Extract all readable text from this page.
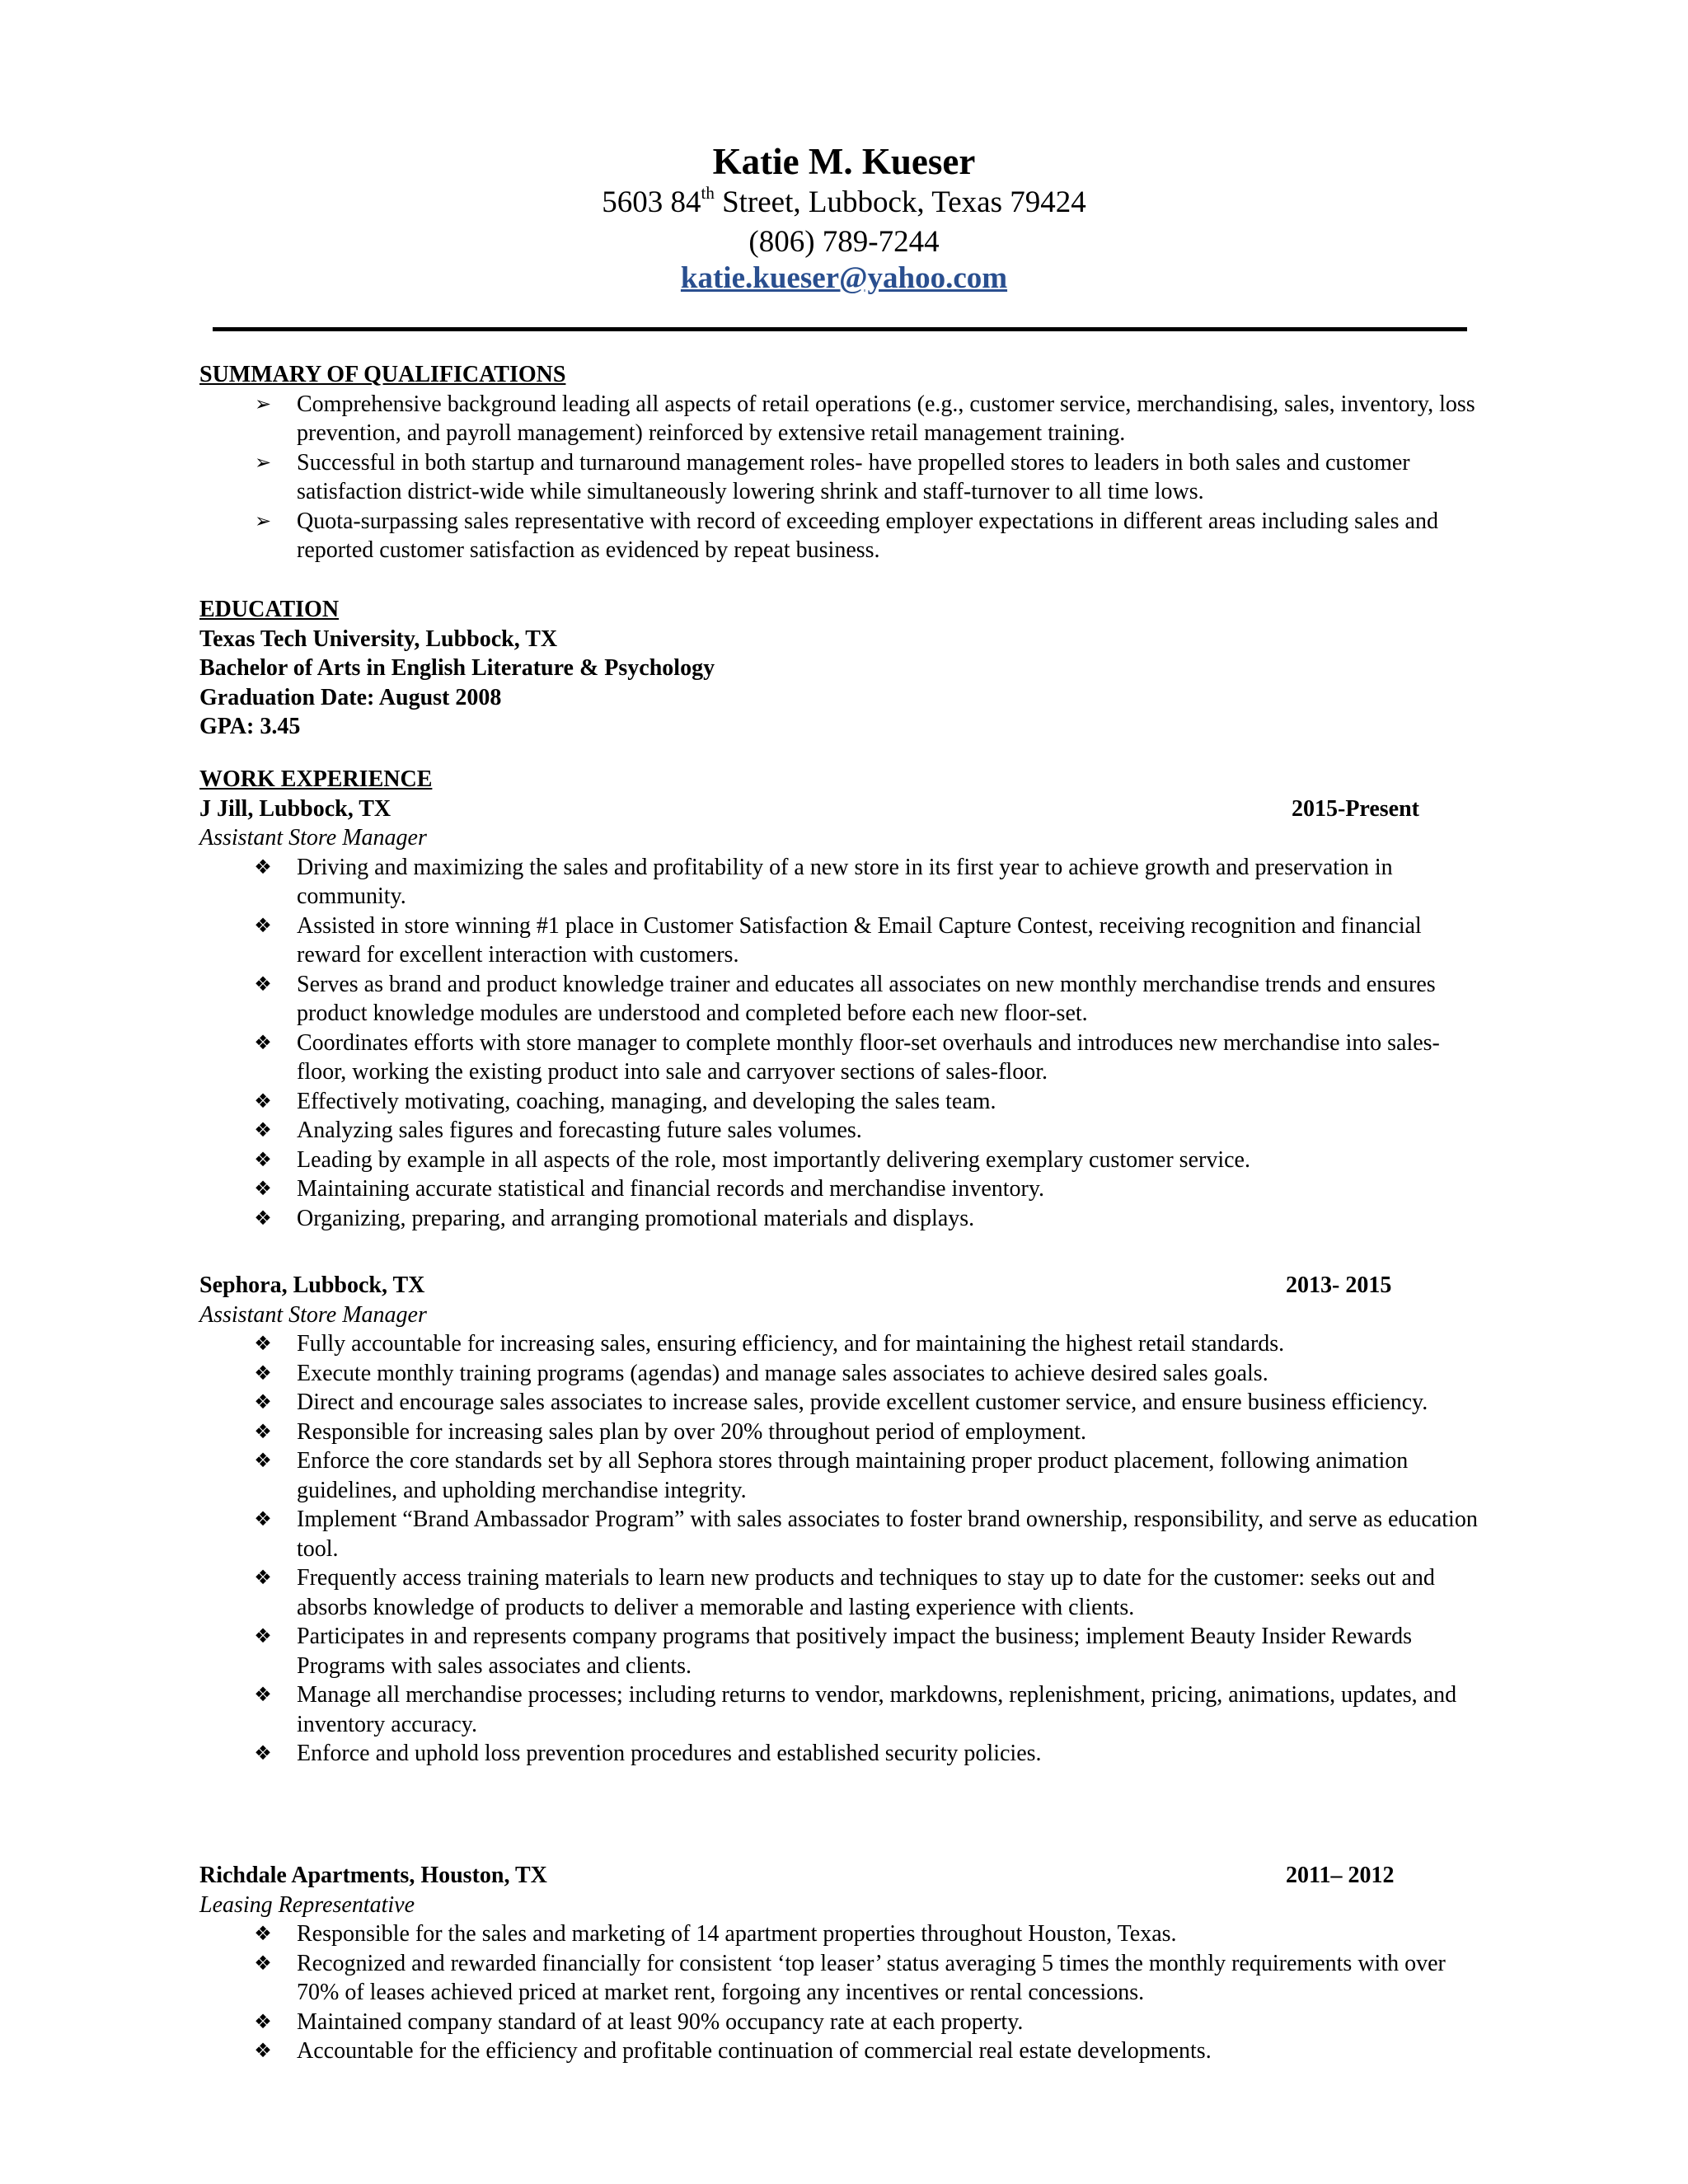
Katie M. Kueser
5603 84th Street, Lubbock, Texas 79424
(806) 789-7244
katie.kueser@yahoo.com
SUMMARY OF QUALIFICATIONS
➢ Comprehensive background leading all aspects of retail operations (e.g., customer service, merchandising, sales, inventory, loss prevention, and payroll management) reinforced by extensive retail management training.
➢ Successful in both startup and turnaround management roles- have propelled stores to leaders in both sales and customer satisfaction district-wide while simultaneously lowering shrink and staff-turnover to all time lows.
➢ Quota-surpassing sales representative with record of exceeding employer expectations in different areas including sales and reported customer satisfaction as evidenced by repeat business.
EDUCATION
Texas Tech University, Lubbock, TX
Bachelor of Arts in English Literature & Psychology
Graduation Date: August 2008
GPA: 3.45
WORK EXPERIENCE
J Jill, Lubbock, TX	2015-Present
Assistant Store Manager
❖ Driving and maximizing the sales and profitability of a new store in its first year to achieve growth and preservation in community.
❖ Assisted in store winning #1 place in Customer Satisfaction & Email Capture Contest, receiving recognition and financial reward for excellent interaction with customers.
❖ Serves as brand and product knowledge trainer and educates all associates on new monthly merchandise trends and ensures product knowledge modules are understood and completed before each new floor-set.
❖ Coordinates efforts with store manager to complete monthly floor-set overhauls and introduces new merchandise into sales-floor, working the existing product into sale and carryover sections of sales-floor.
❖ Effectively motivating, coaching, managing, and developing the sales team.
❖ Analyzing sales figures and forecasting future sales volumes.
❖ Leading by example in all aspects of the role, most importantly delivering exemplary customer service.
❖ Maintaining accurate statistical and financial records and merchandise inventory.
❖ Organizing, preparing, and arranging promotional materials and displays.
Sephora, Lubbock, TX	2013- 2015
Assistant Store Manager
❖ Fully accountable for increasing sales, ensuring efficiency, and for maintaining the highest retail standards.
❖ Execute monthly training programs (agendas) and manage sales associates to achieve desired sales goals.
❖ Direct and encourage sales associates to increase sales, provide excellent customer service, and ensure business efficiency.
❖ Responsible for increasing sales plan by over 20% throughout period of employment.
❖ Enforce the core standards set by all Sephora stores through maintaining proper product placement, following animation guidelines, and upholding merchandise integrity.
❖ Implement “Brand Ambassador Program” with sales associates to foster brand ownership, responsibility, and serve as education tool.
❖ Frequently access training materials to learn new products and techniques to stay up to date for the customer: seeks out and absorbs knowledge of products to deliver a memorable and lasting experience with clients.
❖ Participates in and represents company programs that positively impact the business; implement Beauty Insider Rewards Programs with sales associates and clients.
❖ Manage all merchandise processes; including returns to vendor, markdowns, replenishment, pricing, animations, updates, and inventory accuracy.
❖ Enforce and uphold loss prevention procedures and established security policies.
Richdale Apartments, Houston, TX	2011– 2012
Leasing Representative
❖ Responsible for the sales and marketing of 14 apartment properties throughout Houston, Texas.
❖ Recognized and rewarded financially for consistent ‘top leaser’ status averaging 5 times the monthly requirements with over 70% of leases achieved priced at market rent, forgoing any incentives or rental concessions.
❖ Maintained company standard of at least 90% occupancy rate at each property.
❖ Accountable for the efficiency and profitable continuation of commercial real estate developments.
